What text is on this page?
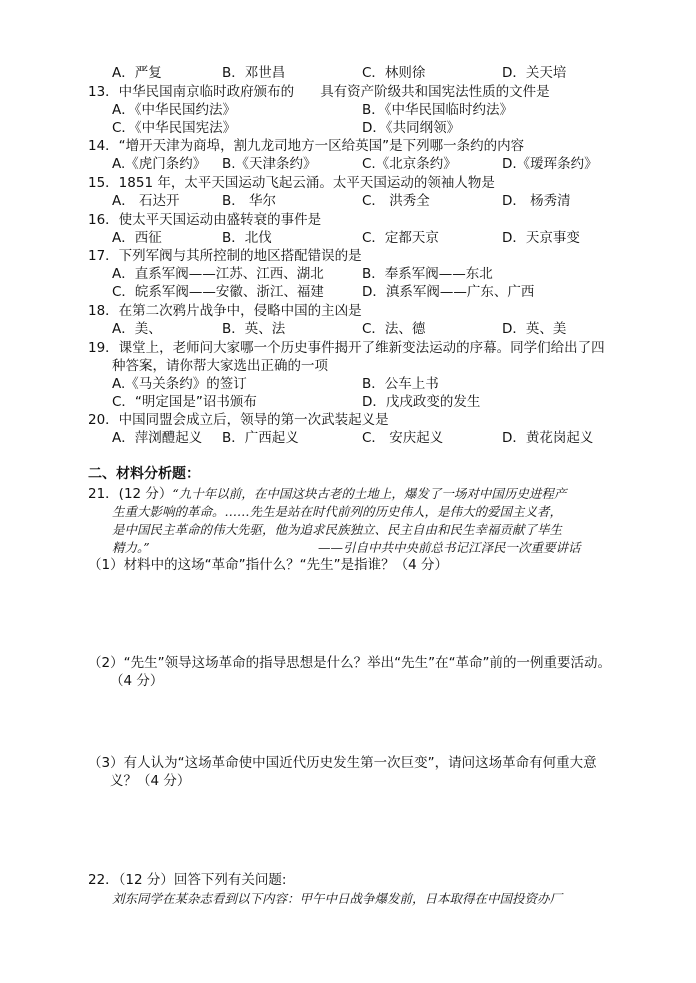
A．严复	B．邓世昌	C．林则徐	D．关天培
13．中华民国南京临时政府颁布的 具有资产阶级共和国宪法性质的文件是
A．《中华民国约法》	B．《中华民国临时约法》
C．《中华民国宪法》	D．《共同纲领》
14．“增开天津为商埠，割九龙司地方一区给英国”是下列哪一条约的内容
A.《虎门条约》 B.《天津条约》	C.《北京条约》	D.《瑷珲条约》
15．1851 年，太平天国运动飞起云涌。太平天国运动的领袖人物是
A． 石达开	B． 华尔	C． 洪秀全	D． 杨秀清
16．使太平天国运动由盛转衰的事件是
A．西征	B．北伐	C．定都天京	D．天京事变
17．下列军阀与其所控制的地区搭配错误的是
A．直系军阀——江苏、江西、湖北	B．奉系军阀——东北
C．皖系军阀——安徽、浙江、福建	D．滇系军阀——广东、广西
18．在第二次鸦片战争中，侵略中国的主凶是
A．美、	B．英、法	C．法、德	D．英、美
19．课堂上，老师问大家哪一个历史事件揭开了维新变法运动的序幕。同学们给出了四
种答案，请你帮大家选出正确的一项
A.《马关条约》的签订	B．公车上书
C．“明定国是”诏书颁布	D．戊戌政变的发生
20．中国同盟会成立后，领导的第一次武装起义是
A．萍浏醴起义 B．广西起义	C． 安庆起义	D．黄花岗起义
二、材料分析题：
21．(12 分）“九十年以前，在中国这块古老的土地上，爆发了一场对中国历史进程产
生重大影响的革命。……先生是站在时代前列的历史伟人，是伟大的爱国主义者，
是中国民主革命的伟大先驱，他为追求民族独立、民主自由和民生幸福贡献了毕生
精力。”	——引自中共中央前总书记江泽民一次重要讲话
（1）材料中的这场“革命”指什么？“先生”是指谁？（4 分）
（2）“先生”领导这场革命的指导思想是什么？举出“先生”在“革命”前的一例重要活动。
（4 分）
（3）有人认为“这场革命使中国近代历史发生第一次巨变”，请问这场革命有何重大意
义？（4 分）
22．（12 分）回答下列有关问题:
刘东同学在某杂志看到以下内容：甲午中日战争爆发前，日本取得在中国投资办厂
